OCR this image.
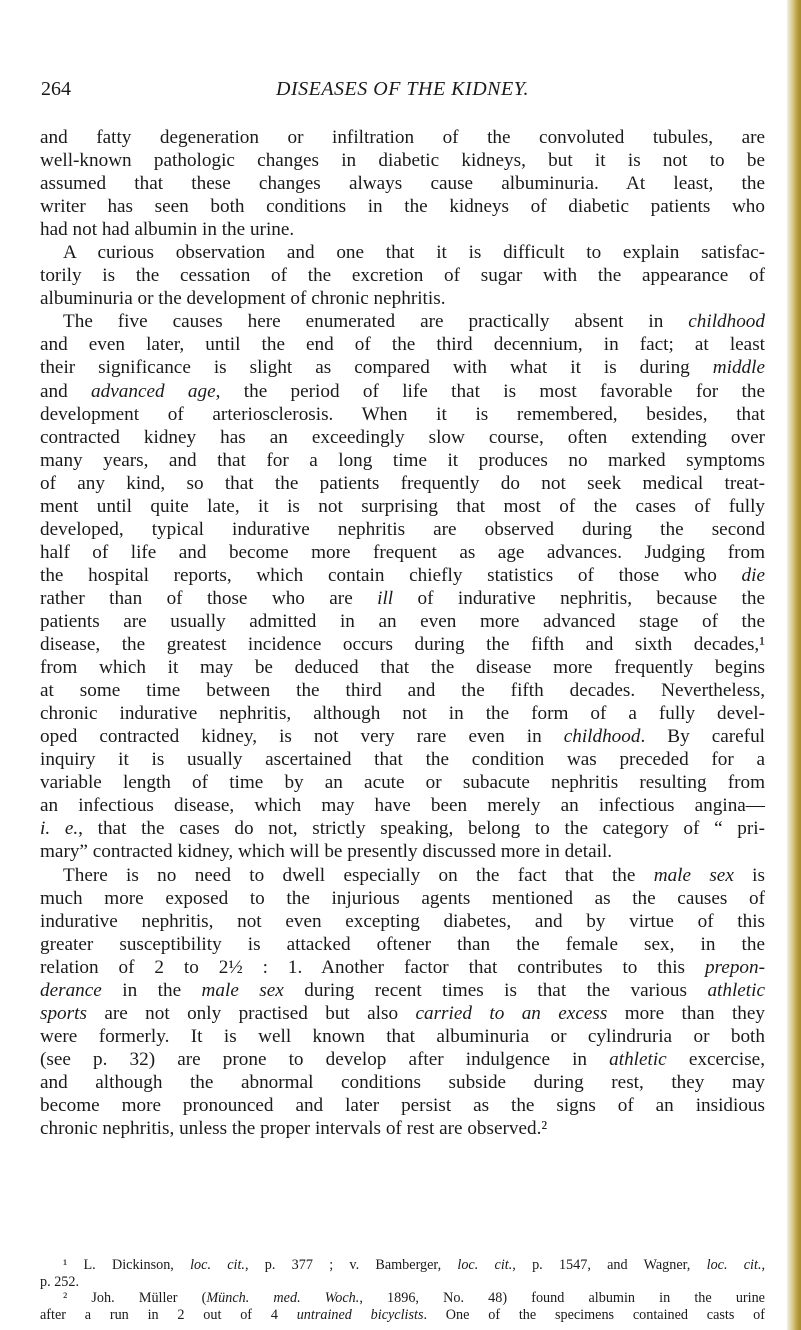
264	DISEASES OF THE KIDNEY.

and fatty degeneration or infiltration of the convoluted tubules, are
well-known pathologic changes in diabetic kidneys, but it is not to be
assumed that these changes always cause albuminuria. At least, the
writer has seen both conditions in the kidneys of diabetic patients who
had not had albumin in the urine.

A curious observation and one that it is difficult to explain satisfac-
torily is the cessation of the excretion of sugar with the appearance of
albuminuria or the development of chronic nephritis.

The five causes here enumerated are practically absent in childhood
and even later, until the end of the third decennium, in fact; at least
their significance is slight as compared with what it is during middle
and advanced age, the period of life that is most favorable for the
development of arteriosclerosis. When it is remembered, besides, that
contracted kidney has an exceedingly slow course, often extending over
many years, and that for a long time it produces no marked symptoms
of any kind, so that the patients frequently do not seek medical treat-
ment until quite late, it is not surprising that most of the cases of fully
developed, typical indurative nephritis are observed during the second
half of life and become more frequent as age advances. Judging from
the hospital reports, which contain chiefly statistics of those who die
rather than of those who are ill of indurative nephritis, because the
patients are usually admitted in an even more advanced stage of the
disease, the greatest incidence occurs during the fifth and sixth decades,¹
from which it may be deduced that the disease more frequently begins
at some time between the third and the fifth decades. Nevertheless,
chronic indurative nephritis, although not in the form of a fully devel-
oped contracted kidney, is not very rare even in childhood. By careful
inquiry it is usually ascertained that the condition was preceded for a
variable length of time by an acute or subacute nephritis resulting from
an infectious disease, which may have been merely an infectious angina—
i. e., that the cases do not, strictly speaking, belong to the category of “ pri-
mary” contracted kidney, which will be presently discussed more in detail.

There is no need to dwell especially on the fact that the male sex is
much more exposed to the injurious agents mentioned as the causes of
indurative nephritis, not even excepting diabetes, and by virtue of this
greater susceptibility is attacked oftener than the female sex, in the
relation of 2 to 2½ : 1. Another factor that contributes to this prepon-
derance in the male sex during recent times is that the various athletic
sports are not only practised but also carried to an excess more than they
were formerly. It is well known that albuminuria or cylindruria or both
(see p. 32) are prone to develop after indulgence in athletic excercise,
and although the abnormal conditions subside during rest, they may
become more pronounced and later persist as the signs of an insidious
chronic nephritis, unless the proper intervals of rest are observed.²

¹ L. Dickinson, loc. cit., p. 377 ; v. Bamberger, loc. cit., p. 1547, and Wagner, loc. cit.,
p. 252.
² Joh. Müller (Münch. med. Woch., 1896, No. 48) found albumin in the urine
after a run in 2 out of 4 untrained bicyclists. One of the specimens contained casts of
